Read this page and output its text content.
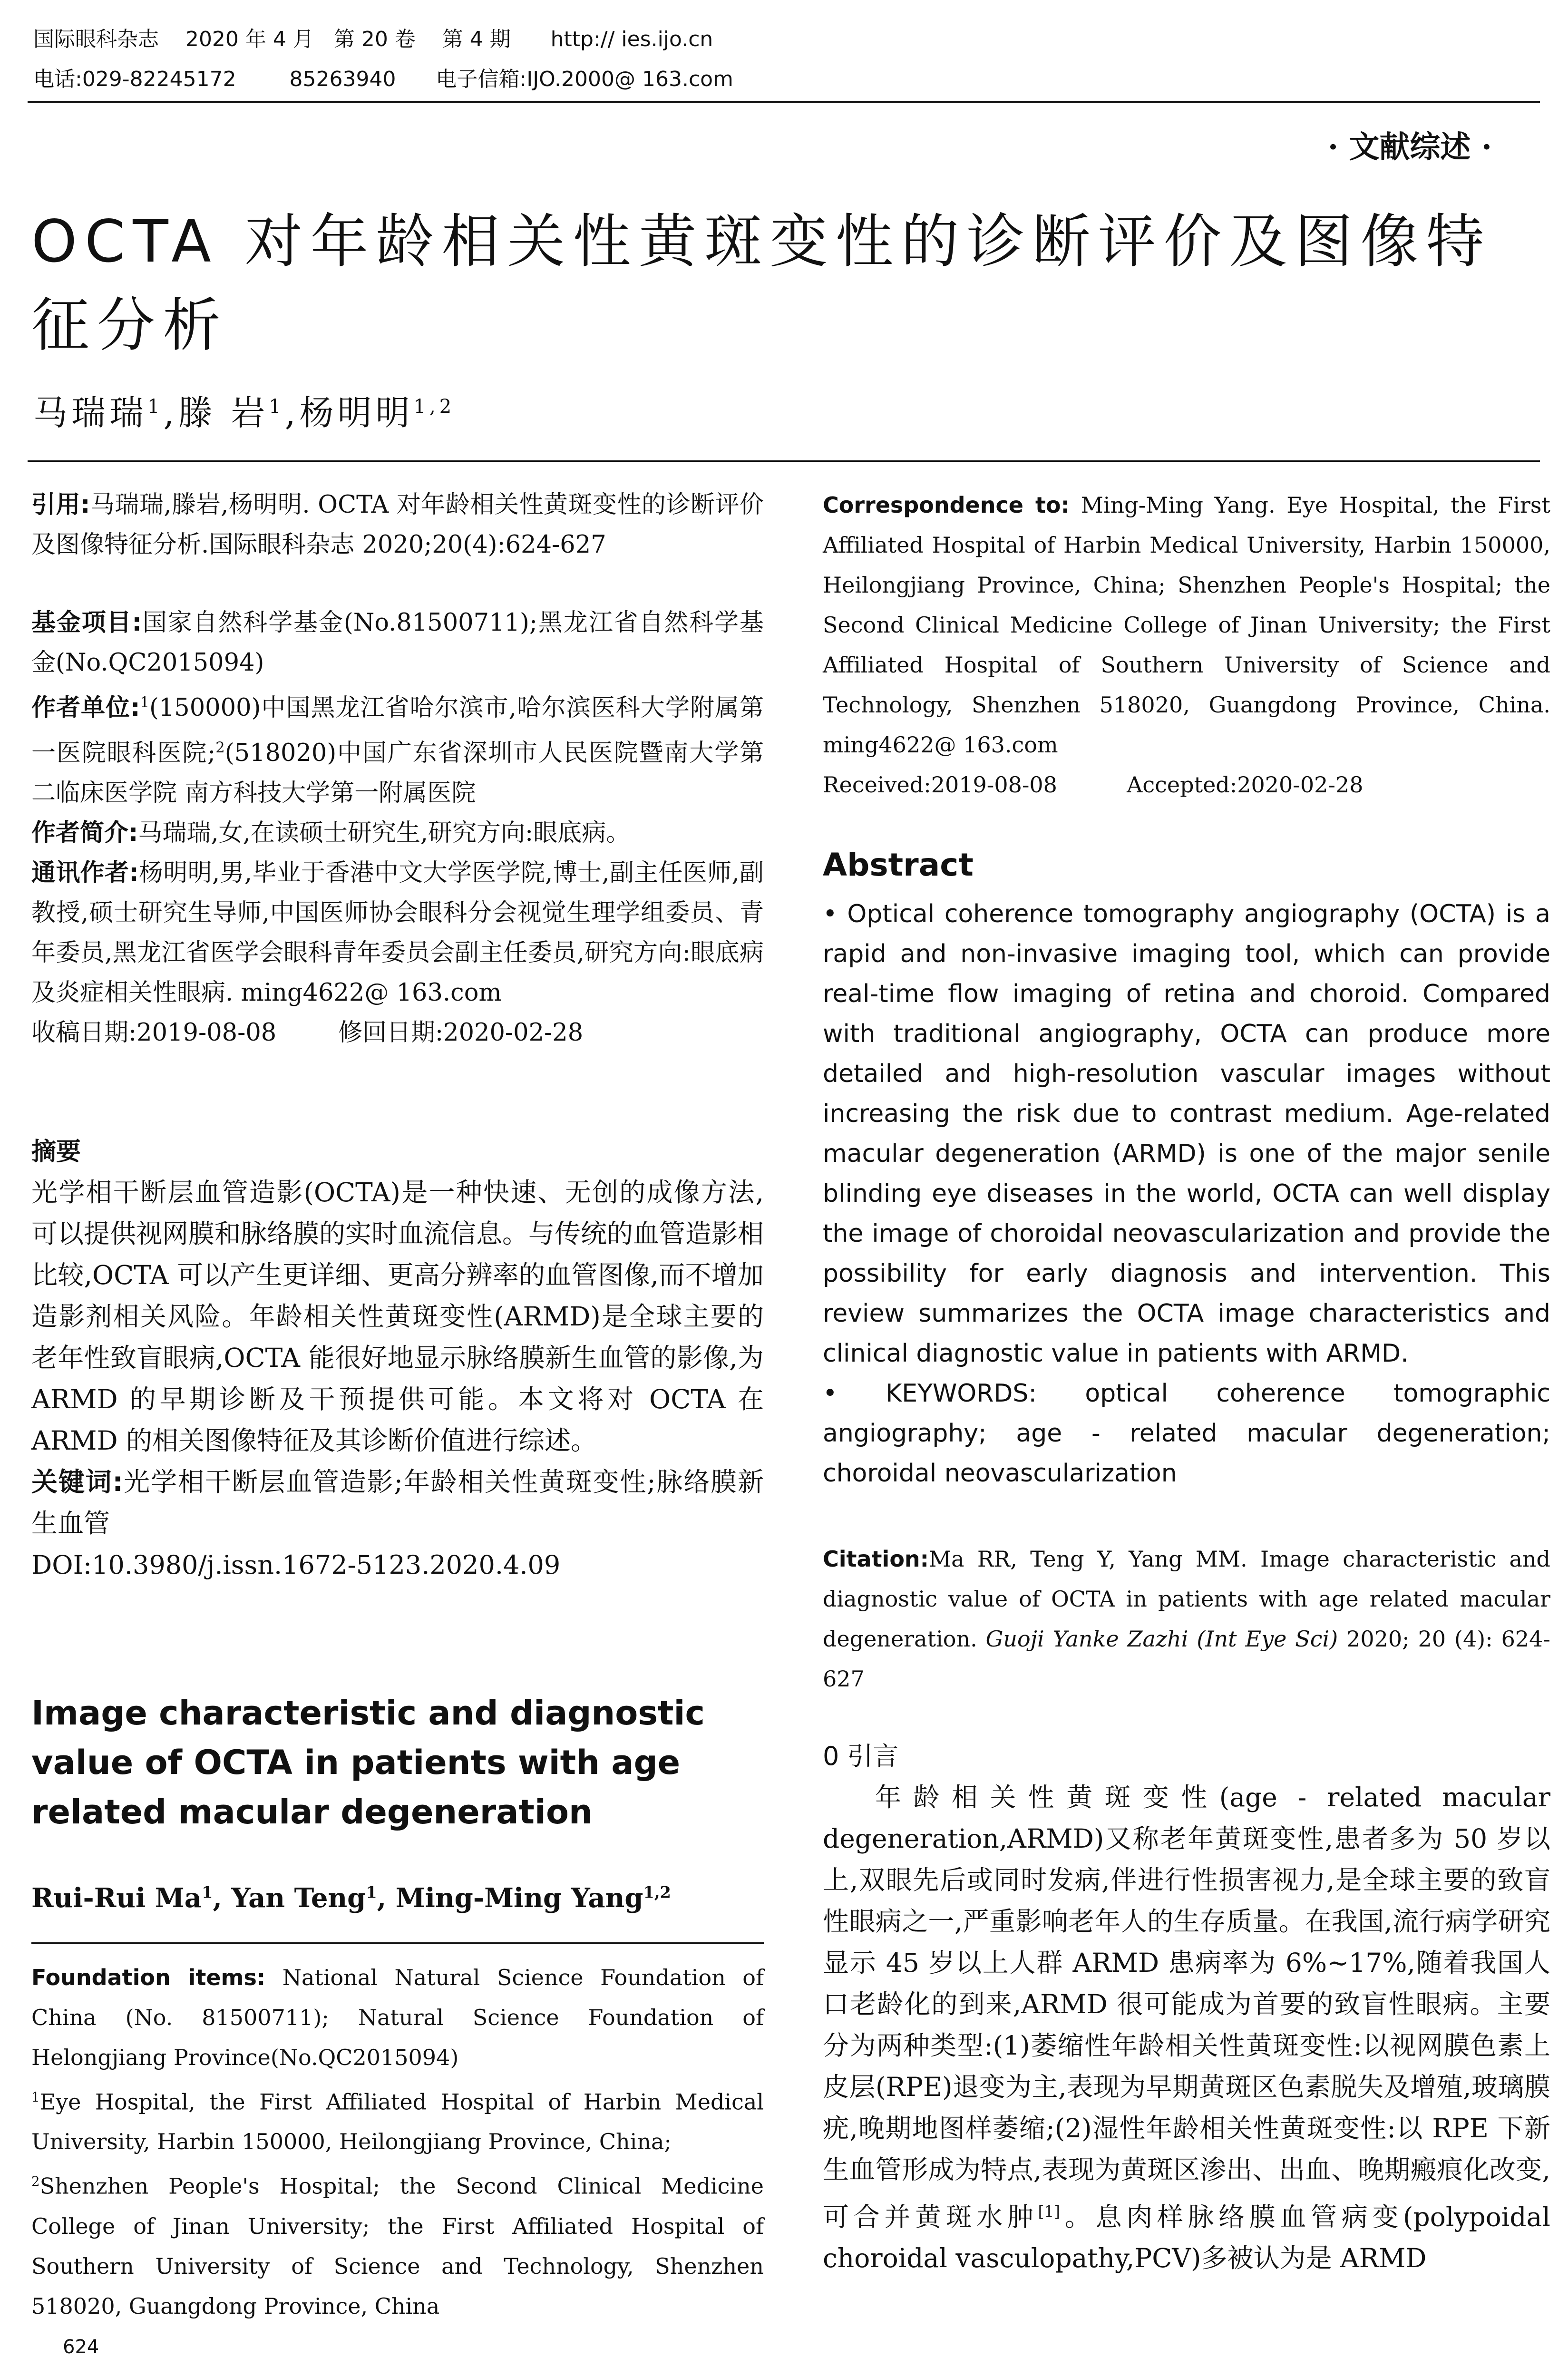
国际眼科杂志    2020 年 4 月   第 20 卷    第 4 期      http:// ies.ijo.cn
电话:029-82245172        85263940      电子信箱:IJO.2000@ 163.com
· 文献综述 ·
OCTA 对年龄相关性黄斑变性的诊断评价及图像特征分析
马瑞瑞$^1$,滕 岩$^1$,杨明明$^{1,2}$
引用:马瑞瑞,滕岩,杨明明. OCTA 对年龄相关性黄斑变性的诊断评价及图像特征分析.国际眼科杂志 2020;20(4):624-627

基金项目:国家自然科学基金(No.81500711);黑龙江省自然科学基金(No.QC2015094)

作者单位:$^1$(150000)中国黑龙江省哈尔滨市,哈尔滨医科大学附属第一医院眼科医院;$^2$(518020)中国广东省深圳市人民医院暨南大学第二临床医学院 南方科技大学第一附属医院

作者简介:马瑞瑞,女,在读硕士研究生,研究方向:眼底病。

通讯作者:杨明明,男,毕业于香港中文大学医学院,博士,副主任医师,副教授,硕士研究生导师,中国医师协会眼科分会视觉生理学组委员、青年委员,黑龙江省医学会眼科青年委员会副主任委员,研究方向:眼底病及炎症相关性眼病. ming4622@ 163.com

收稿日期:2019-08-08	修回日期:2020-02-28

摘要

光学相干断层血管造影(OCTA)是一种快速、无创的成像方法,可以提供视网膜和脉络膜的实时血流信息。与传统的血管造影相比较,OCTA 可以产生更详细、更高分辨率的血管图像,而不增加造影剂相关风险。年龄相关性黄斑变性(ARMD)是全球主要的老年性致盲眼病,OCTA 能很好地显示脉络膜新生血管的影像,为 ARMD 的早期诊断及干预提供可能。本文将对 OCTA 在 ARMD 的相关图像特征及其诊断价值进行综述。

关键词:光学相干断层血管造影;年龄相关性黄斑变性;脉络膜新生血管

DOI:10.3980/j.issn.1672-5123.2020.4.09

Image characteristic and diagnostic value of OCTA in patients with age related macular degeneration
Rui-Rui Ma$^1$, Yan Teng$^1$, Ming-Ming Yang$^{1,2}$

Foundation items: National Natural Science Foundation of China (No. 81500711); Natural Science Foundation of Helongjiang Province(No.QC2015094)

$^1$Eye Hospital, the First Affiliated Hospital of Harbin Medical University, Harbin 150000, Heilongjiang Province, China;

$^2$Shenzhen People's Hospital; the Second Clinical Medicine College of Jinan University; the First Affiliated Hospital of Southern University of Science and Technology, Shenzhen 518020, Guangdong Province, China

624

Correspondence to: Ming-Ming Yang. Eye Hospital, the First Affiliated Hospital of Harbin Medical University, Harbin 150000, Heilongjiang Province, China; Shenzhen People's Hospital; the Second Clinical Medicine College of Jinan University; the First Affiliated Hospital of Southern University of Science and Technology, Shenzhen 518020, Guangdong Province, China. ming4622@ 163.com

Received:2019-08-08	Accepted:2020-02-28

Abstract

• Optical coherence tomography angiography (OCTA) is a rapid and non-invasive imaging tool, which can provide real-time flow imaging of retina and choroid. Compared with traditional angiography, OCTA can produce more detailed and high-resolution vascular images without increasing the risk due to contrast medium. Age-related macular degeneration (ARMD) is one of the major senile blinding eye diseases in the world, OCTA can well display the image of choroidal neovascularization and provide the possibility for early diagnosis and intervention. This review summarizes the OCTA image characteristics and clinical diagnostic value in patients with ARMD.

• KEYWORDS: optical coherence tomographic angiography; age - related macular degeneration; choroidal neovascularization

Citation:Ma RR, Teng Y, Yang MM. Image characteristic and diagnostic value of OCTA in patients with age related macular degeneration. Guoji Yanke Zazhi (Int Eye Sci) 2020; 20 (4): 624-627
0 引言

年龄相关性黄斑变性(age - related macular degeneration,ARMD)又称老年黄斑变性,患者多为 50 岁以上,双眼先后或同时发病,伴进行性损害视力,是全球主要的致盲性眼病之一,严重影响老年人的生存质量。在我国,流行病学研究显示 45 岁以上人群 ARMD 患病率为 6%~17%,随着我国人口老龄化的到来,ARMD 很可能成为首要的致盲性眼病。主要分为两种类型:(1)萎缩性年龄相关性黄斑变性:以视网膜色素上皮层(RPE)退变为主,表现为早期黄斑区色素脱失及增殖,玻璃膜疣,晚期地图样萎缩;(2)湿性年龄相关性黄斑变性:以 RPE 下新生血管形成为特点,表现为黄斑区渗出、出血、晚期瘢痕化改变,可合并黄斑水肿[1]。息肉样脉络膜血管病变(polypoidal choroidal vasculopathy,PCV)多被认为是 ARMD
